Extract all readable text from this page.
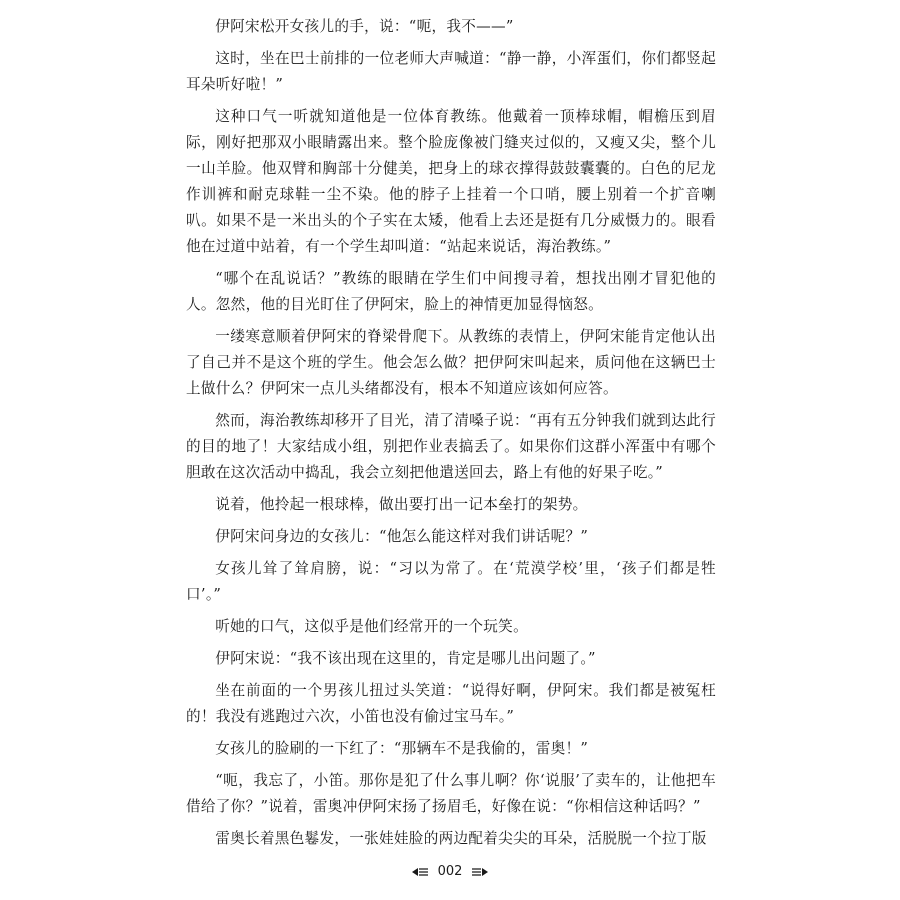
伊阿宋松开女孩儿的手，说：“呃，我不——”

这时，坐在巴士前排的一位老师大声喊道：“静一静，小浑蛋们，你们都竖起耳朵听好啦！”

这种口气一听就知道他是一位体育教练。他戴着一顶棒球帽，帽檐压到眉际，刚好把那双小眼睛露出来。整个脸庞像被门缝夹过似的，又瘦又尖，整个儿一山羊脸。他双臂和胸部十分健美，把身上的球衣撑得鼓鼓囊囊的。白色的尼龙作训裤和耐克球鞋一尘不染。他的脖子上挂着一个口哨，腰上别着一个扩音喇叭。如果不是一米出头的个子实在太矮，他看上去还是挺有几分威慑力的。眼看他在过道中站着，有一个学生却叫道：“站起来说话，海治教练。”

“哪个在乱说话？”教练的眼睛在学生们中间搜寻着，想找出刚才冒犯他的人。忽然，他的目光盯住了伊阿宋，脸上的神情更加显得恼怒。

一缕寒意顺着伊阿宋的脊梁骨爬下。从教练的表情上，伊阿宋能肯定他认出了自己并不是这个班的学生。他会怎么做？把伊阿宋叫起来，质问他在这辆巴士上做什么？伊阿宋一点儿头绪都没有，根本不知道应该如何应答。

然而，海治教练却移开了目光，清了清嗓子说：“再有五分钟我们就到达此行的目的地了！大家结成小组，别把作业表搞丢了。如果你们这群小浑蛋中有哪个胆敢在这次活动中捣乱，我会立刻把他遣送回去，路上有他的好果子吃。”

说着，他拎起一根球棒，做出要打出一记本垒打的架势。

伊阿宋问身边的女孩儿：“他怎么能这样对我们讲话呢？”

女孩儿耸了耸肩膀，说：“习以为常了。在‘荒漠学校’里，‘孩子们都是牲口’。”

听她的口气，这似乎是他们经常开的一个玩笑。

伊阿宋说：“我不该出现在这里的，肯定是哪儿出问题了。”

坐在前面的一个男孩儿扭过头笑道：“说得好啊，伊阿宋。我们都是被冤枉的！我没有逃跑过六次，小笛也没有偷过宝马车。”

女孩儿的脸刷的一下红了：“那辆车不是我偷的，雷奥！”

“呃，我忘了，小笛。那你是犯了什么事儿啊？你‘说服’了卖车的，让他把车借给了你？”说着，雷奥冲伊阿宋扬了扬眉毛，好像在说：“你相信这种话吗？”

雷奥长着黑色鬈发，一张娃娃脸的两边配着尖尖的耳朵，活脱脱一个拉丁版

002
